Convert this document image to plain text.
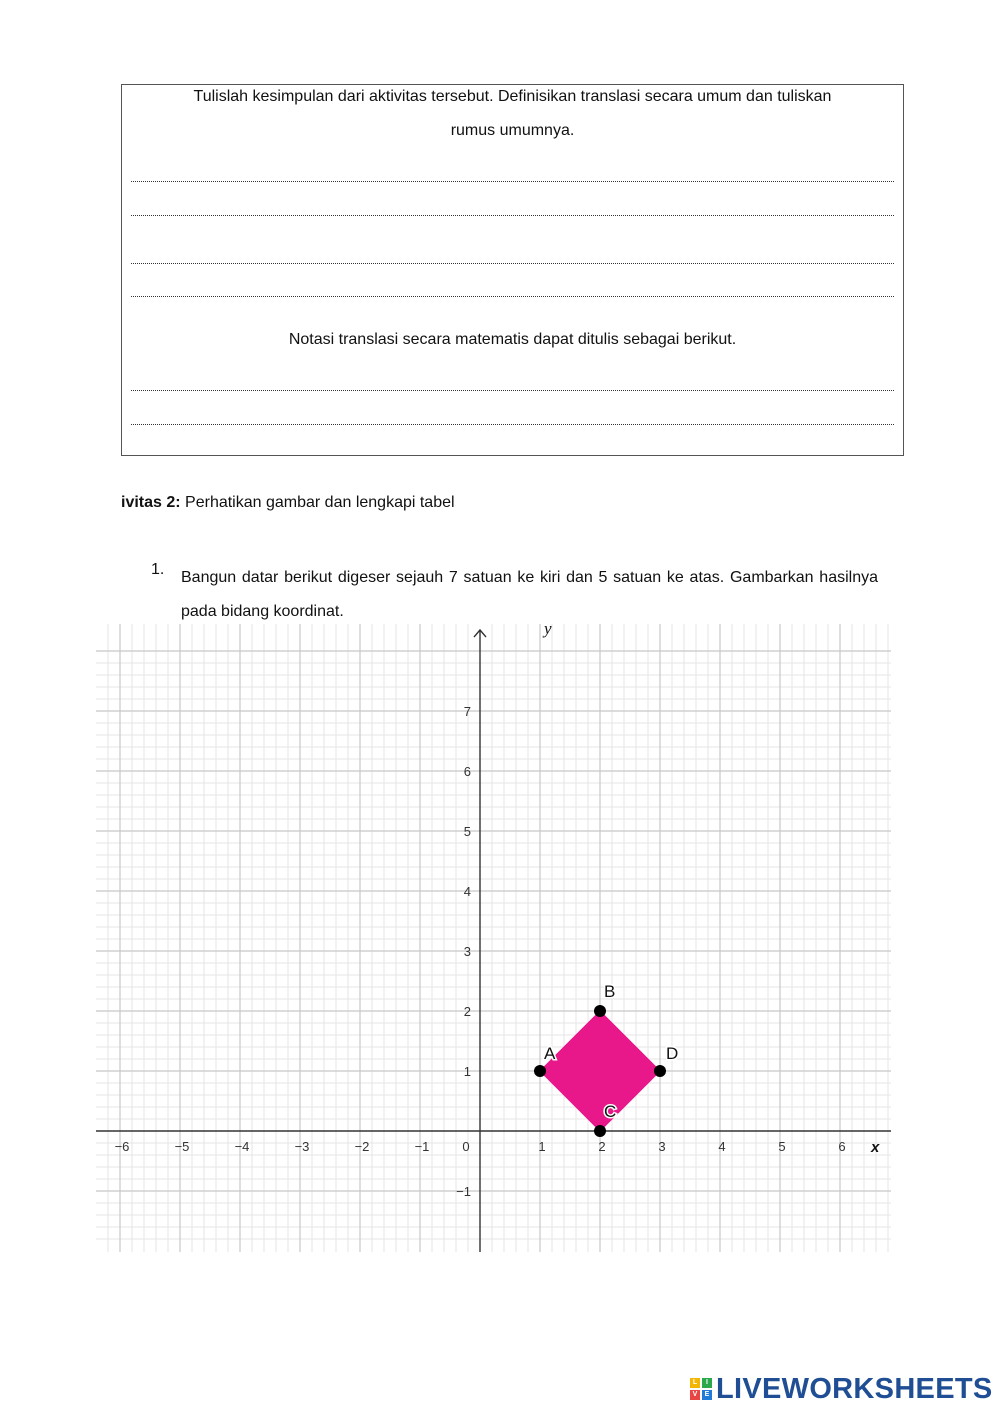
Tulislah kesimpulan dari aktivitas tersebut. Definisikan translasi secara umum dan tuliskan
rumus umumnya.
Notasi translasi secara matematis dapat ditulis sebagai berikut.
ivitas 2: Perhatikan gambar dan lengkapi tabel
1. Bangun datar berikut digeser sejauh 7 satuan ke kiri dan 5 satuan ke atas. Gambarkan hasilnya pada bidang koordinat.
−6	−5	−4	−3	−2	−1	0	1	2	3	4	5	6
−1
1
2
3
4
5
6
7
x
y
A
B
C
D
L	I
V	E LIVEWORKSHEETS
